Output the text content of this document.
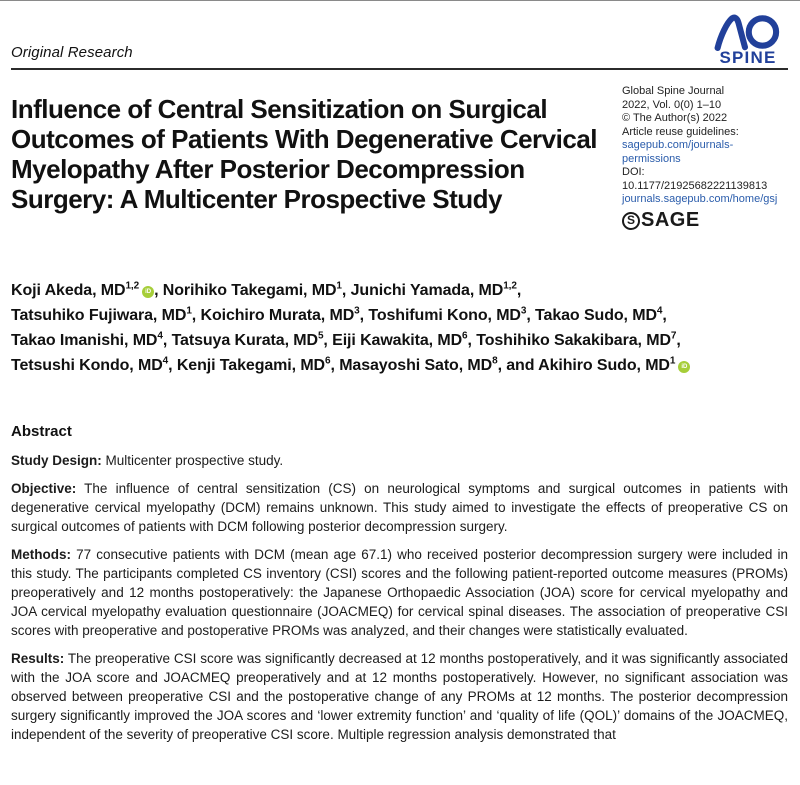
Original Research	SPINE
Influence of Central Sensitization on Surgical Outcomes of Patients With Degenerative Cervical Myelopathy After Posterior Decompression Surgery: A Multicenter Prospective Study
Global Spine Journal
2022, Vol. 0(0) 1–10
© The Author(s) 2022
Article reuse guidelines:
sagepub.com/journals-permissions
DOI: 10.1177/21925682221139813
journals.sagepub.com/home/gsj
S SAGE
Koji Akeda, MD$^{1,2}$
iD , Norihiko Takegami, $MD^1$, Junichi Yamada, MD$^{1,2}$,
Tatsuhiko Fujiwara, $MD^1$, Koichiro Murata, $MD^3$, Toshifumi Kono, $MD^3$, Takao Sudo, $MD^4$,
Takao Imanishi, $MD^4$, Tatsuya Kurata, $MD^5$, Eiji Kawakita, $MD^6$, Toshihiko Sakakibara, $MD^7$,
Tetsushi Kondo, $MD^4$, Kenji Takegami, $MD^6$, Masayoshi Sato, $MD^8$, and Akihiro Sudo, $MD^1$
iD
Abstract

Study Design: Multicenter prospective study.

Objective: The influence of central sensitization (CS) on neurological symptoms and surgical outcomes in patients with degenerative cervical myelopathy (DCM) remains unknown. This study aimed to investigate the effects of preoperative CS on surgical outcomes of patients with DCM following posterior decompression surgery.

Methods: 77 consecutive patients with DCM (mean age 67.1) who received posterior decompression surgery were included in this study. The participants completed CS inventory (CSI) scores and the following patient-reported outcome measures (PROMs) preoperatively and 12 months postoperatively: the Japanese Orthopaedic Association (JOA) score for cervical myelopathy and JOA cervical myelopathy evaluation questionnaire (JOACMEQ) for cervical spinal diseases. The association of preoperative CSI scores with preoperative and postoperative PROMs was analyzed, and their changes were statistically evaluated.

Results: The preoperative CSI score was significantly decreased at 12 months postoperatively, and it was significantly associated with the JOA score and JOACMEQ preoperatively and at 12 months postoperatively. However, no significant association was observed between preoperative CSI and the postoperative change of any PROMs at 12 months. The posterior decompression surgery significantly improved the JOA scores and ‘lower extremity function’ and ‘quality of life (QOL)’ domains of the JOACMEQ, independent of the severity of preoperative CSI score. Multiple regression analysis demonstrated that
